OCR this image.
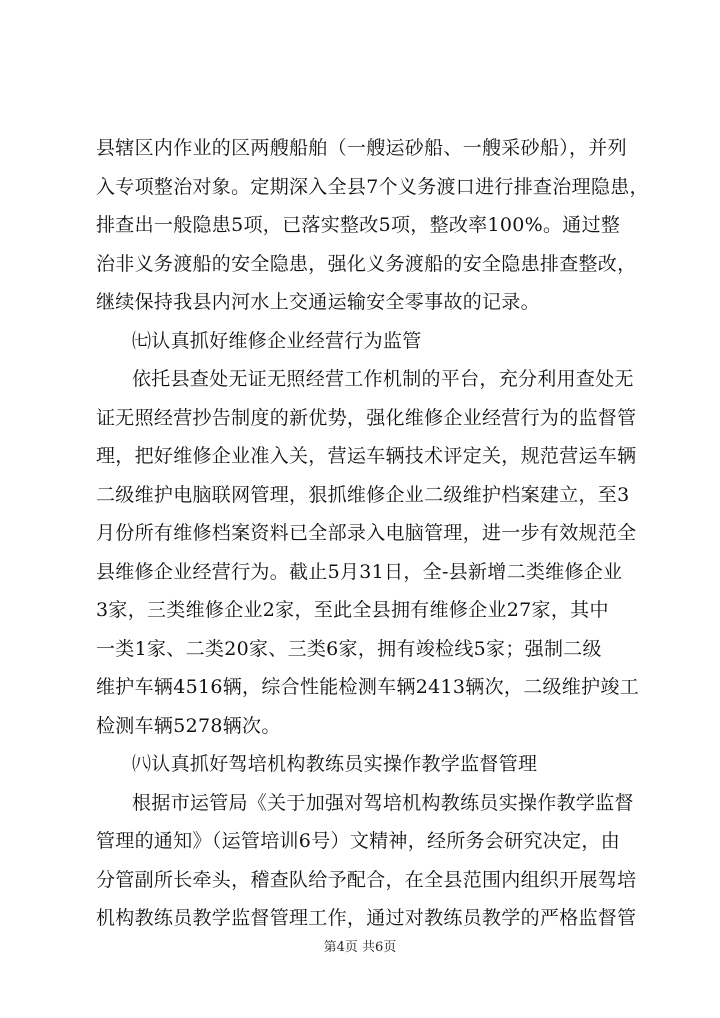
县辖区内作业的区两艘船舶（一艘运砂船、一艘采砂船），并列
入专项整治对象。定期深入全县7个义务渡口进行排查治理隐患，
排查出一般隐患5项，已落实整改5项，整改率100%。通过整
治非义务渡船的安全隐患，强化义务渡船的安全隐患排查整改，
继续保持我县内河水上交通运输安全零事故的记录。
㈦认真抓好维修企业经营行为监管
依托县查处无证无照经营工作机制的平台，充分利用查处无
证无照经营抄告制度的新优势，强化维修企业经营行为的监督管
理，把好维修企业准入关，营运车辆技术评定关，规范营运车辆
二级维护电脑联网管理，狠抓维修企业二级维护档案建立，至3
月份所有维修档案资料已全部录入电脑管理，进一步有效规范全
县维修企业经营行为。截止5月31日，全-县新增二类维修企业
3家，三类维修企业2家，至此全县拥有维修企业27家，其中
一类1家、二类20家、三类6家，拥有竣检线5家；强制二级
维护车辆4516辆，综合性能检测车辆2413辆次，二级维护竣工
检测车辆5278辆次。
㈧认真抓好驾培机构教练员实操作教学监督管理
根据市运管局《关于加强对驾培机构教练员实操作教学监督
管理的通知》（运管培训6号）文精神，经所务会研究决定，由
分管副所长牵头，稽查队给予配合，在全县范围内组织开展驾培
机构教练员教学监督管理工作，通过对教练员教学的严格监督管
第4页 共6页
